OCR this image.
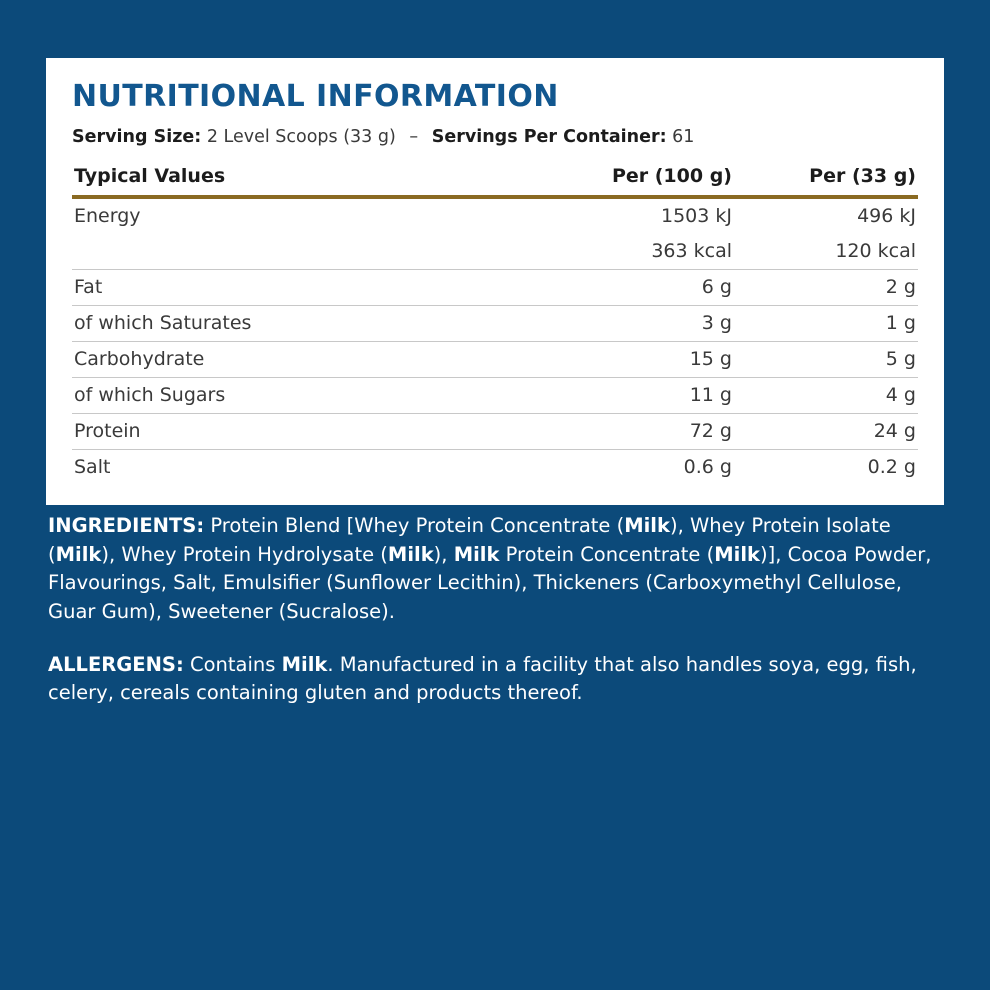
NUTRITIONAL INFORMATION
Serving Size: 2 Level Scoops (33 g) – Servings Per Container: 61
Typical Values	Per (100 g)	Per (33 g)
Energy	1503 kJ	496 kJ
	363 kcal	120 kcal
Fat	6 g	2 g
of which Saturates	3 g	1 g
Carbohydrate	15 g	5 g
of which Sugars	11 g	4 g
Protein	72 g	24 g
Salt	0.6 g	0.2 g
INGREDIENTS: Protein Blend [Whey Protein Concentrate (Milk), Whey Protein Isolate (Milk), Whey Protein Hydrolysate (Milk), Milk Protein Concentrate (Milk)], Cocoa Powder, Flavourings, Salt, Emulsifier (Sunflower Lecithin), Thickeners (Carboxymethyl Cellulose, Guar Gum), Sweetener (Sucralose).
ALLERGENS: Contains Milk. Manufactured in a facility that also handles soya, egg, fish, celery, cereals containing gluten and products thereof.
